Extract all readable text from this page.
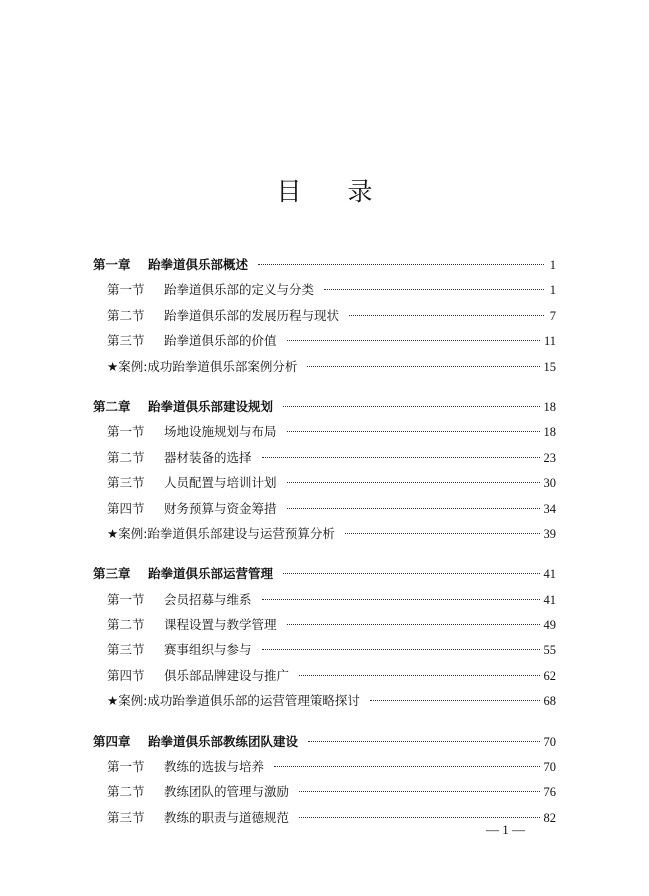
目录
第一章 跆拳道俱乐部概述	1
第一节 跆拳道俱乐部的定义与分类	1
第二节 跆拳道俱乐部的发展历程与现状	7
第三节 跆拳道俱乐部的价值	11
★案例:成功跆拳道俱乐部案例分析	15
第二章 跆拳道俱乐部建设规划	18
第一节 场地设施规划与布局	18
第二节 器材装备的选择	23
第三节 人员配置与培训计划	30
第四节 财务预算与资金筹措	34
★案例:跆拳道俱乐部建设与运营预算分析	39
第三章 跆拳道俱乐部运营管理	41
第一节 会员招募与维系	41
第二节 课程设置与教学管理	49
第三节 赛事组织与参与	55
第四节 俱乐部品牌建设与推广	62
★案例:成功跆拳道俱乐部的运营管理策略探讨	68
第四章 跆拳道俱乐部教练团队建设	70
第一节 教练的选拔与培养	70
第二节 教练团队的管理与激励	76
第三节 教练的职责与道德规范	82
— 1 —
